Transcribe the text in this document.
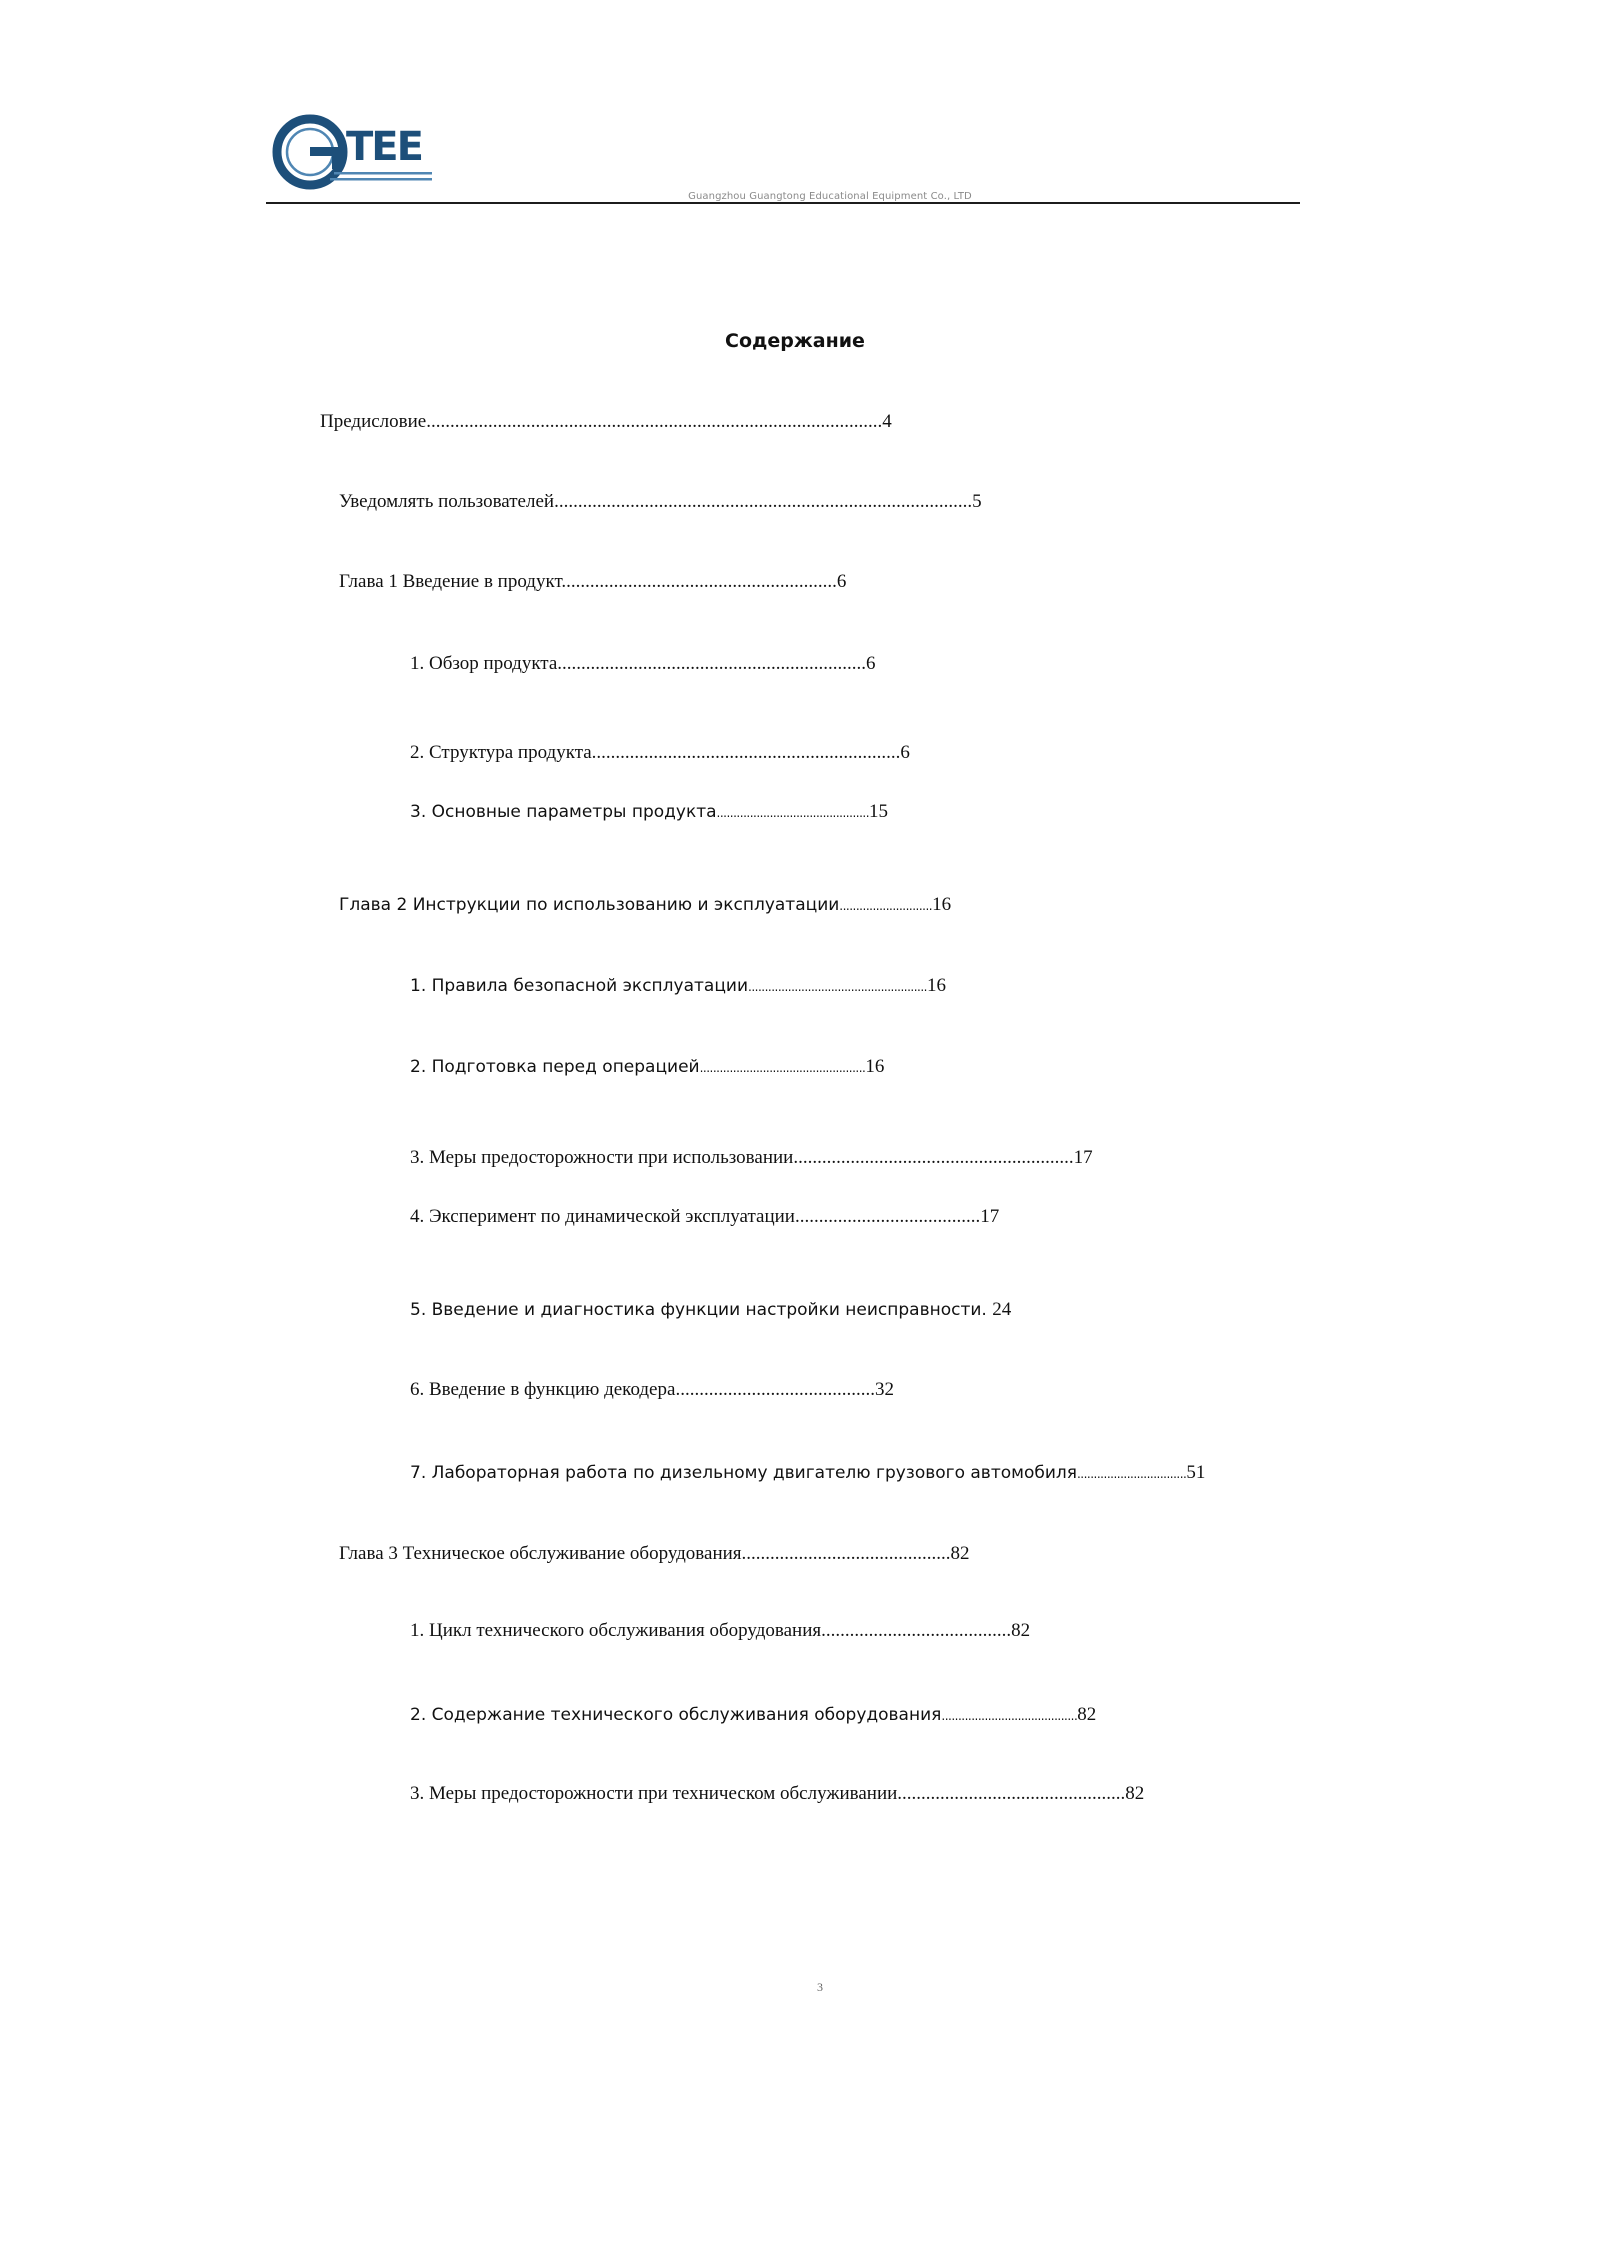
TEE
Guangzhou Guangtong Educational Equipment Co., LTD
Содержание
Предисловие................................................................................................4
Уведомлять пользователей........................................................................................5
Глава 1 Введение в продукт..........................................................6
1. Обзор продукта.................................................................6
2. Структура продукта.................................................................6
3. Основные параметры продукта..............................................15
Глава 2 Инструкции по использованию и эксплуатации............................16
1. Правила безопасной эксплуатации......................................................16
2. Подготовка перед операцией..................................................16
3. Меры предосторожности при использовании...........................................................17
4. Эксперимент по динамической эксплуатации.......................................17
5. Введение и диагностика функции настройки неисправности. 24
6. Введение в функцию декодера..........................................32
7. Лабораторная работа по дизельному двигателю грузового автомобиля.................................51
Глава 3 Техническое обслуживание оборудования............................................82
1. Цикл технического обслуживания оборудования........................................82
2. Содержание технического обслуживания оборудования.........................................82
3. Меры предосторожности при техническом обслуживании................................................82
3
